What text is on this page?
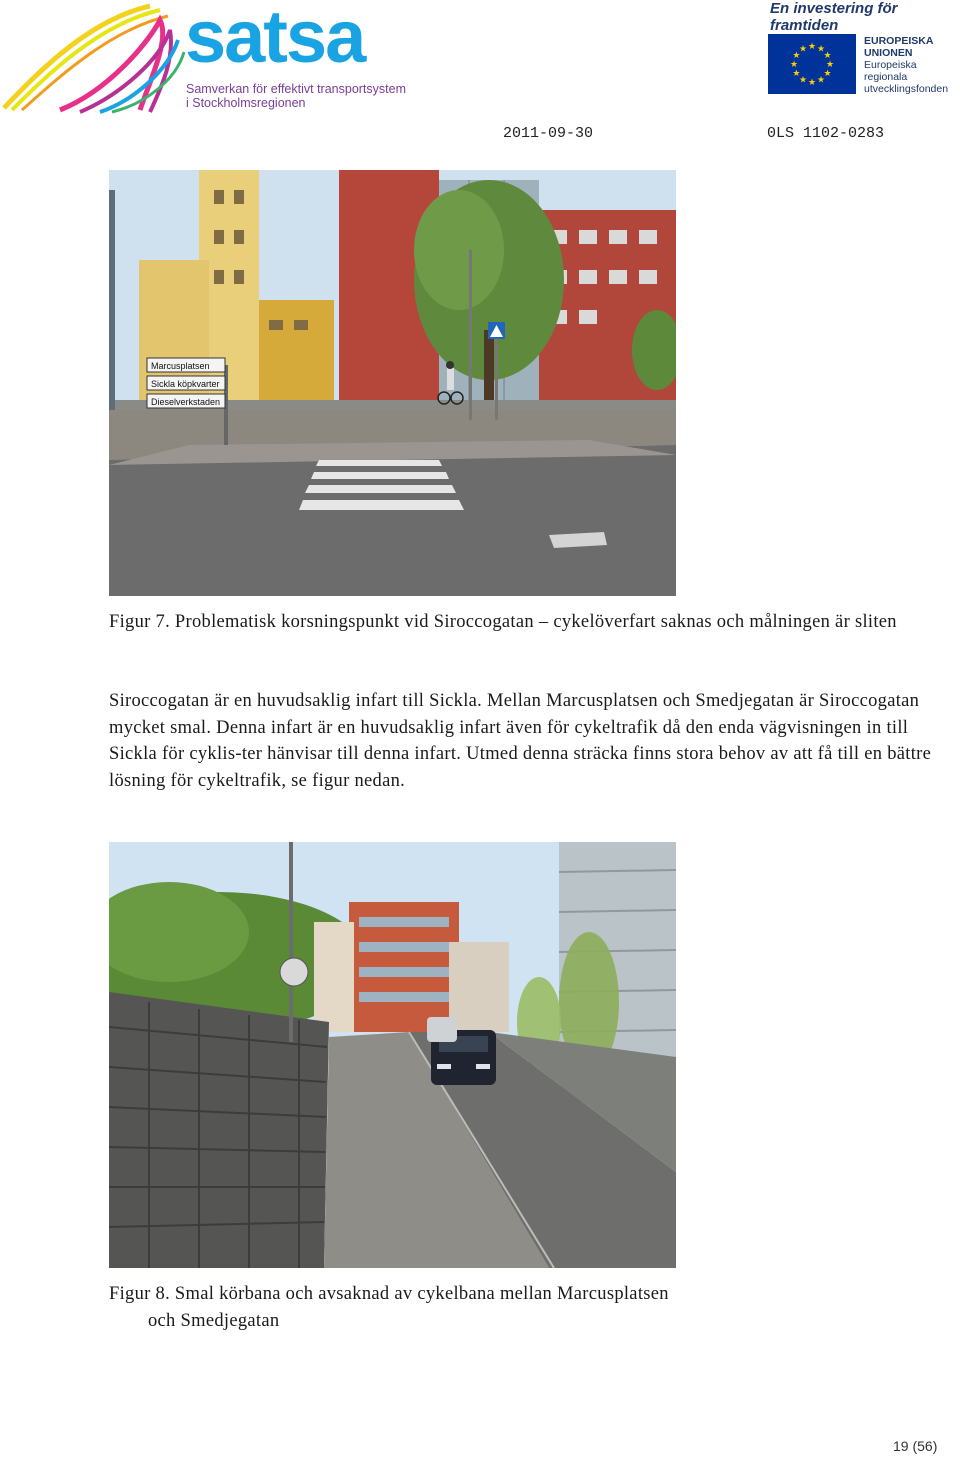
satsa
Samverkan för effektivt transportsystem
i Stockholmsregionen
En investering för framtiden
★ ★
★
★
★
★
★
★
★
★
★
★
EUROPEISKA
UNIONEN
Europeiska
regionala
utvecklingsfonden
2011-09-30	0LS 1102-0283
Marcusplatsen
Sickla köpkvarter
Dieselverkstaden
Figur 7. Problematisk korsningspunkt vid Siroccogatan – cykelöverfart saknas och målningen är sliten
Siroccogatan är en huvudsaklig infart till Sickla. Mellan Marcusplatsen och Smedjegatan är Siroccogatan mycket smal. Denna infart är en huvudsaklig infart även för cykeltrafik då den enda vägvisningen in till Sickla för cyklis-ter hänvisar till denna infart. Utmed denna sträcka finns stora behov av att få till en bättre lösning för cykeltrafik, se figur nedan.
Figur 8. Smal körbana och avsaknad av cykelbana mellan Marcusplatsen
och Smedjegatan
19 (56)
